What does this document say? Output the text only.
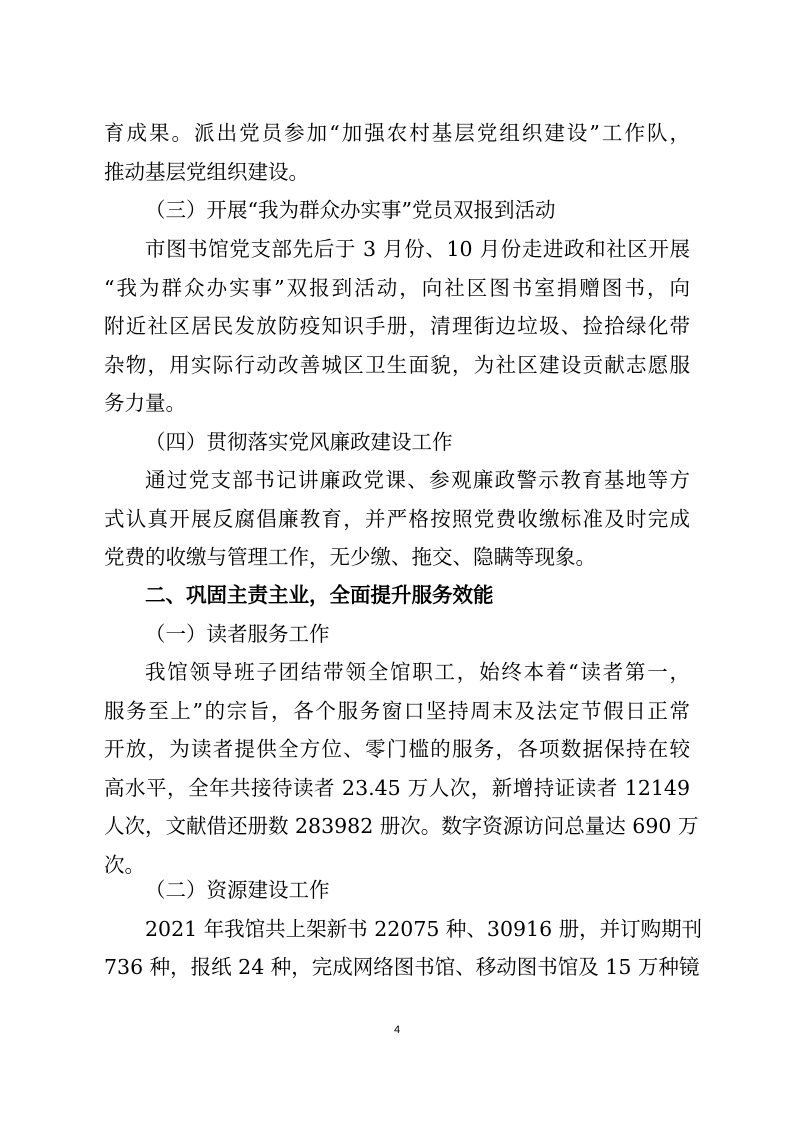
育成果。派出党员参加“加强农村基层党组织建设”工作队，
推动基层党组织建设。
（三）开展“我为群众办实事”党员双报到活动
市图书馆党支部先后于 3 月份、10 月份走进政和社区开展
“我为群众办实事”双报到活动，向社区图书室捐赠图书，向
附近社区居民发放防疫知识手册，清理街边垃圾、捡拾绿化带
杂物，用实际行动改善城区卫生面貌，为社区建设贡献志愿服
务力量。
（四）贯彻落实党风廉政建设工作
通过党支部书记讲廉政党课、参观廉政警示教育基地等方
式认真开展反腐倡廉教育，并严格按照党费收缴标准及时完成
党费的收缴与管理工作，无少缴、拖交、隐瞒等现象。
二、巩固主责主业，全面提升服务效能
（一）读者服务工作
我馆领导班子团结带领全馆职工，始终本着“读者第一，
服务至上”的宗旨，各个服务窗口坚持周末及法定节假日正常
开放，为读者提供全方位、零门槛的服务，各项数据保持在较
高水平，全年共接待读者 23.45 万人次，新增持证读者 12149
人次，文献借还册数 283982 册次。数字资源访问总量达 690 万
次。
（二）资源建设工作
2021 年我馆共上架新书 22075 种、30916 册，并订购期刊
736 种，报纸 24 种，完成网络图书馆、移动图书馆及 15 万种镜
4
